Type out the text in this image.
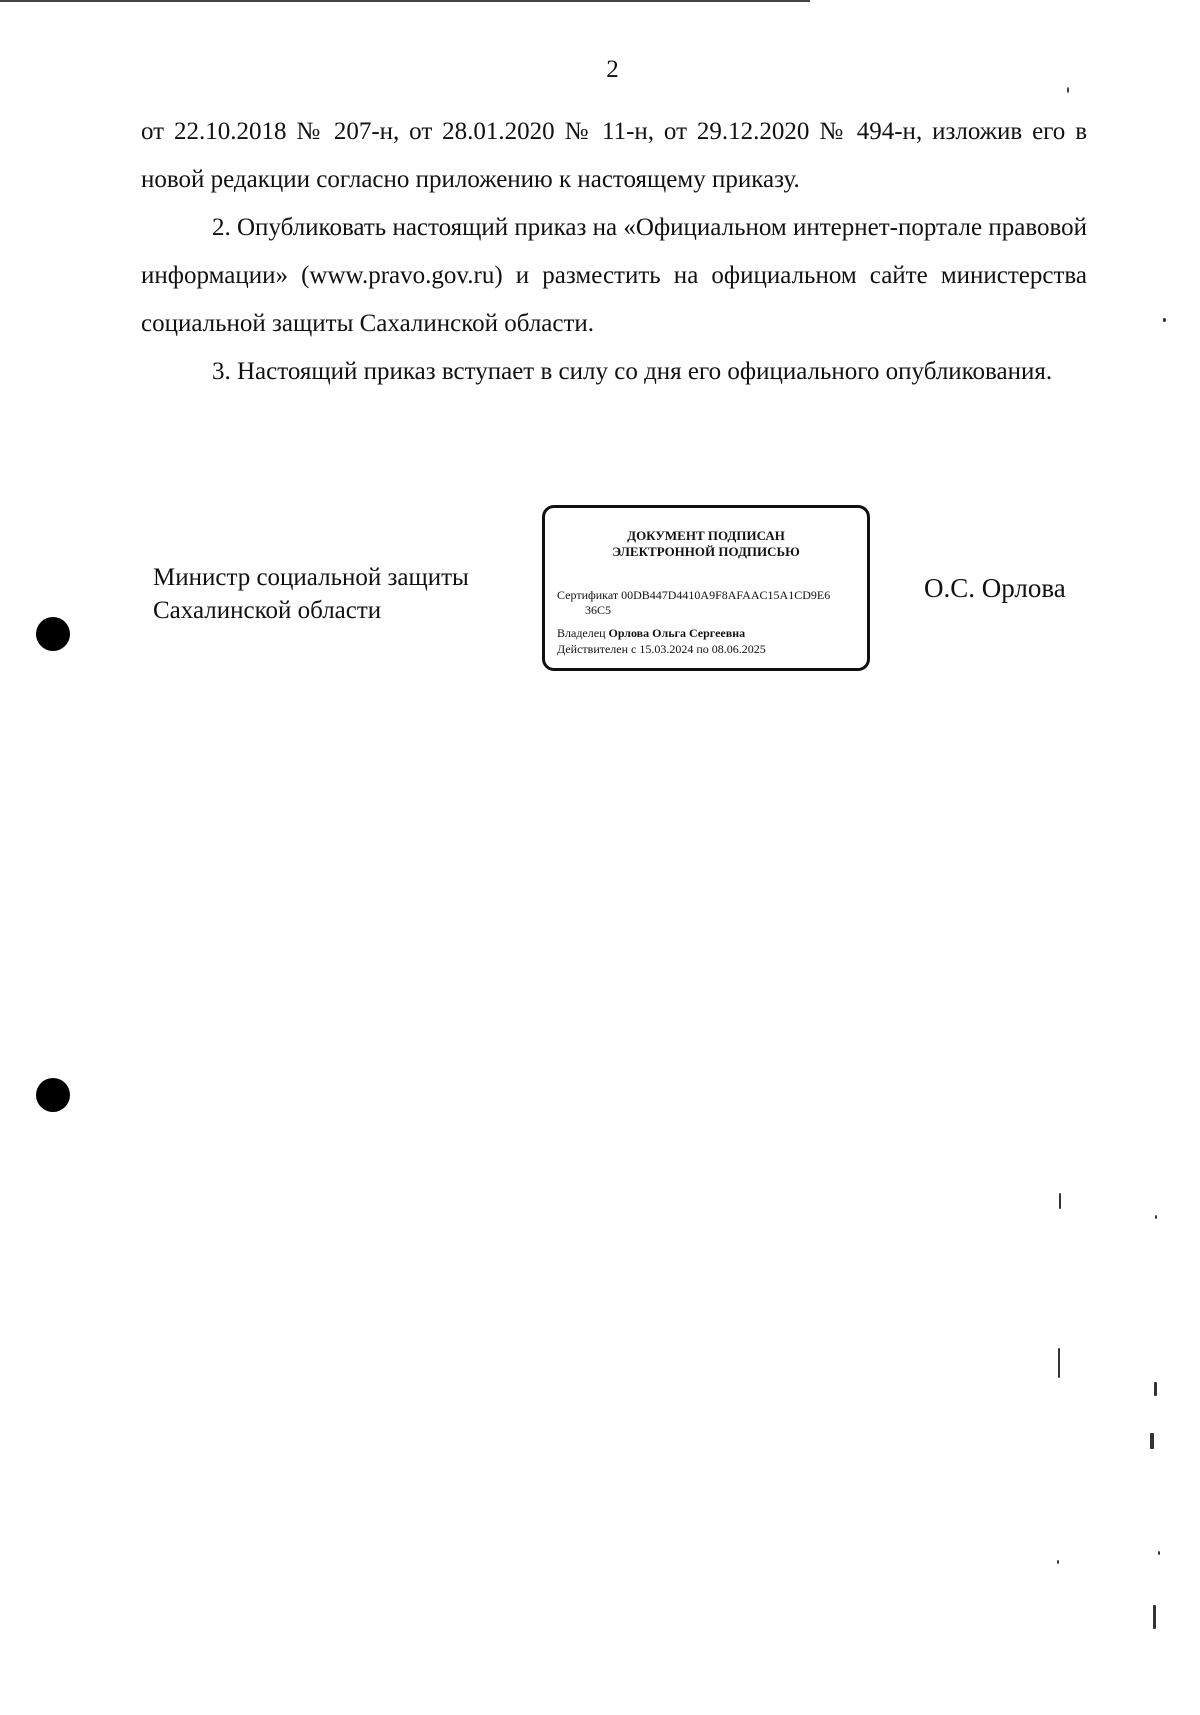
2

от 22.10.2018 № 207-н, от 28.01.2020 № 11-н, от 29.12.2020 № 494-н, изложив его в новой редакции согласно приложению к настоящему приказу.

2. Опубликовать настоящий приказ на «Официальном интернет-портале правовой информации» (www.pravo.gov.ru) и разместить на официальном сайте министерства социальной защиты Сахалинской области.

3. Настоящий приказ вступает в силу со дня его официального опубликования.

Министр социальной защиты
Сахалинской области
ДОКУМЕНТ ПОДПИСАН
ЭЛЕКТРОННОЙ ПОДПИСЬЮ
Сертификат 00DB447D4410A9F8AFAAC15A1CD9E6
36C5
Владелец Орлова Ольга Сергеевна
Действителен с 15.03.2024 по 08.06.2025
О.С. Орлова
